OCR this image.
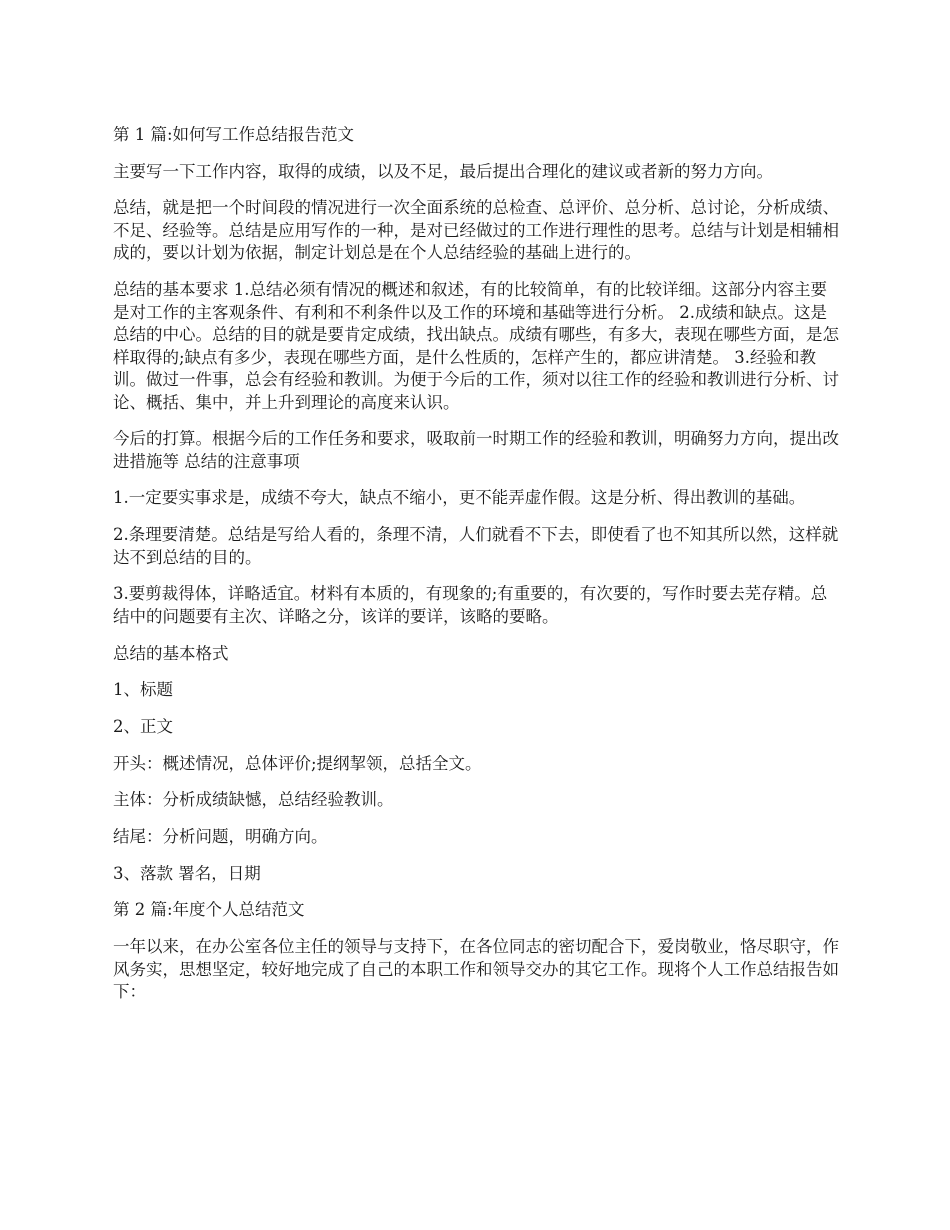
第 1 篇:如何写工作总结报告范文

主要写一下工作内容，取得的成绩，以及不足，最后提出合理化的建议或者新的努力方向。

总结，就是把一个时间段的情况进行一次全面系统的总检查、总评价、总分析、总讨论，分析成绩、不足、经验等。总结是应用写作的一种，是对已经做过的工作进行理性的思考。总结与计划是相辅相成的，要以计划为依据，制定计划总是在个人总结经验的基础上进行的。

总结的基本要求 1.总结必须有情况的概述和叙述，有的比较简单，有的比较详细。这部分内容主要是对工作的主客观条件、有利和不利条件以及工作的环境和基础等进行分析。 2.成绩和缺点。这是总结的中心。总结的目的就是要肯定成绩，找出缺点。成绩有哪些，有多大，表现在哪些方面，是怎样取得的;缺点有多少，表现在哪些方面，是什么性质的，怎样产生的，都应讲清楚。 3.经验和教训。做过一件事，总会有经验和教训。为便于今后的工作，须对以往工作的经验和教训进行分析、讨论、概括、集中，并上升到理论的高度来认识。

今后的打算。根据今后的工作任务和要求，吸取前一时期工作的经验和教训，明确努力方向，提出改进措施等 总结的注意事项

1.一定要实事求是，成绩不夸大，缺点不缩小，更不能弄虚作假。这是分析、得出教训的基础。

2.条理要清楚。总结是写给人看的，条理不清，人们就看不下去，即使看了也不知其所以然，这样就达不到总结的目的。

3.要剪裁得体，详略适宜。材料有本质的，有现象的;有重要的，有次要的，写作时要去芜存精。总结中的问题要有主次、详略之分，该详的要详，该略的要略。

总结的基本格式

1、标题

2、正文

开头：概述情况，总体评价;提纲挈领，总括全文。

主体：分析成绩缺憾，总结经验教训。

结尾：分析问题，明确方向。

3、落款 署名，日期

第 2 篇:年度个人总结范文

一年以来，在办公室各位主任的领导与支持下，在各位同志的密切配合下，爱岗敬业，恪尽职守，作风务实，思想坚定，较好地完成了自己的本职工作和领导交办的其它工作。现将个人工作总结报告如下：
